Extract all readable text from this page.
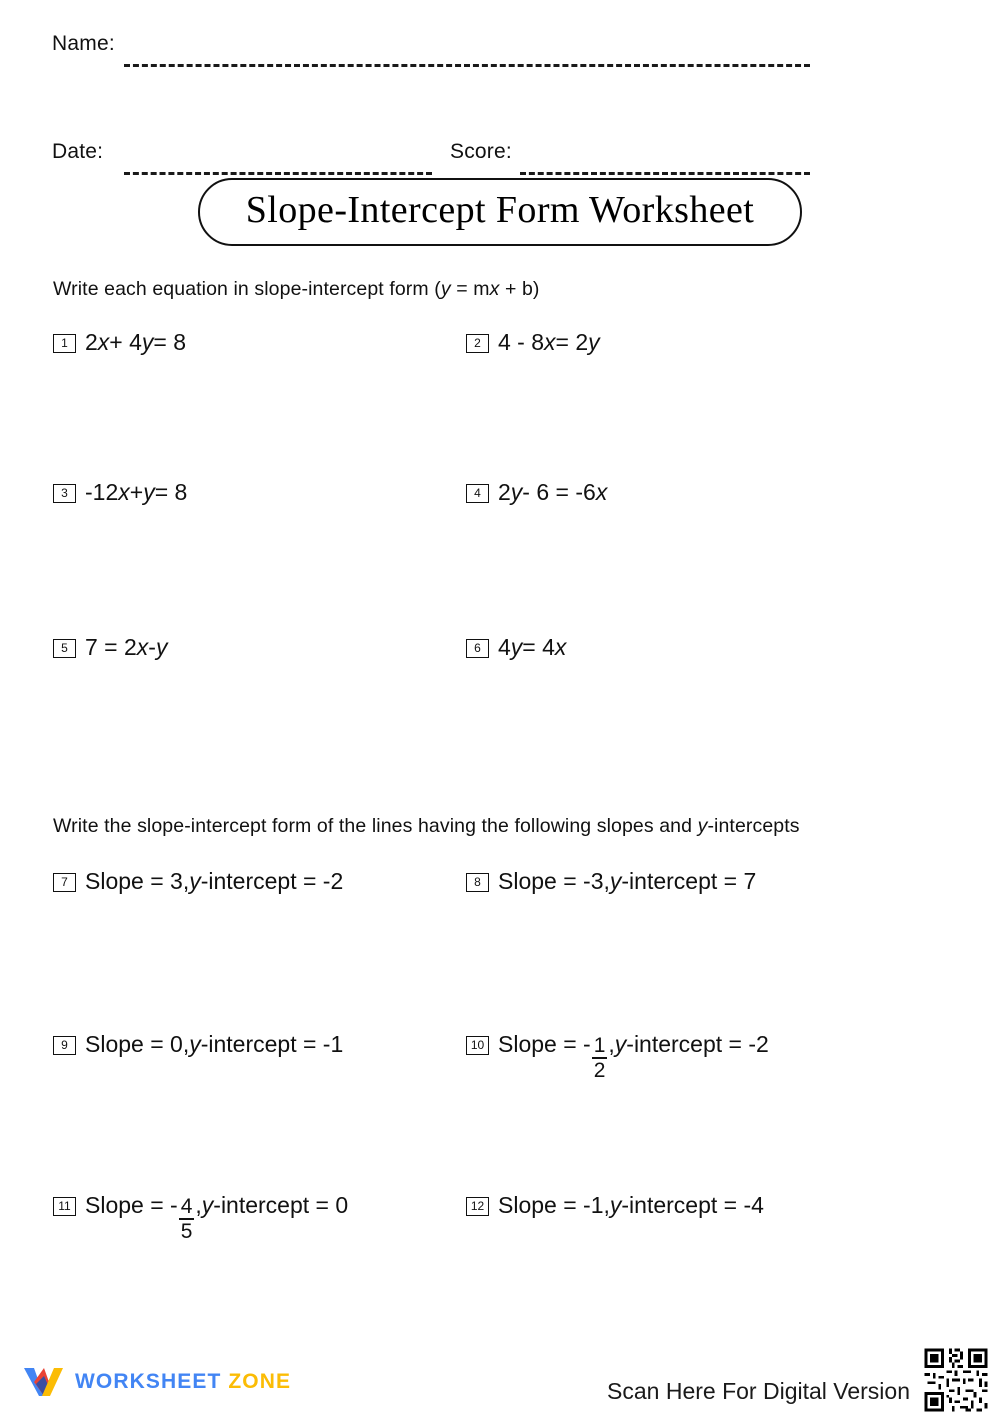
Name:
Date:	Score:
Slope-Intercept Form Worksheet
Write each equation in slope-intercept form (y = mx + b)
1 2 x + 4 y = 8	2 4 - 8 x = 2 y
3 -12 x + y = 8	4 2 y - 6 = -6 x
5 7 = 2 x - y	6 4 y = 4 x
Write the slope-intercept form of the lines having the following slopes and y-intercepts
7 Slope = 3, y -intercept = -2	8 Slope = -3, y -intercept = 7
9 Slope = 0, y -intercept = -1	10 Slope = - $\frac{1}{2}$ , y -intercept = -2
11 Slope = - $\frac{4}{5}$ , y -intercept = 0	12 Slope = -1, y -intercept = -4
WORKSHEET ZONE	Scan Here For Digital Version
